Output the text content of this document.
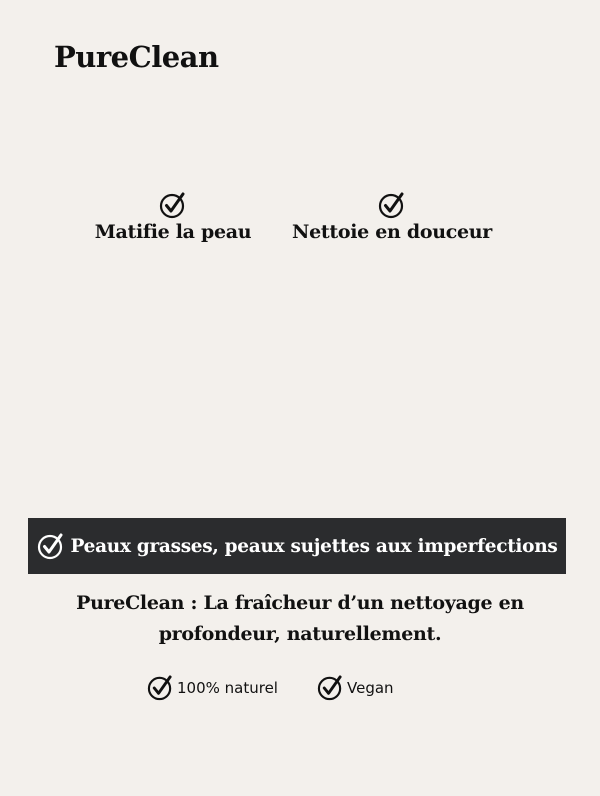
PureClean
Matifie la peau Nettoie en douceur
Peaux grasses, peaux sujettes aux imperfections
PureClean : La fraîcheur d’un nettoyage en
profondeur, naturellement.
100% naturel	Vegan
